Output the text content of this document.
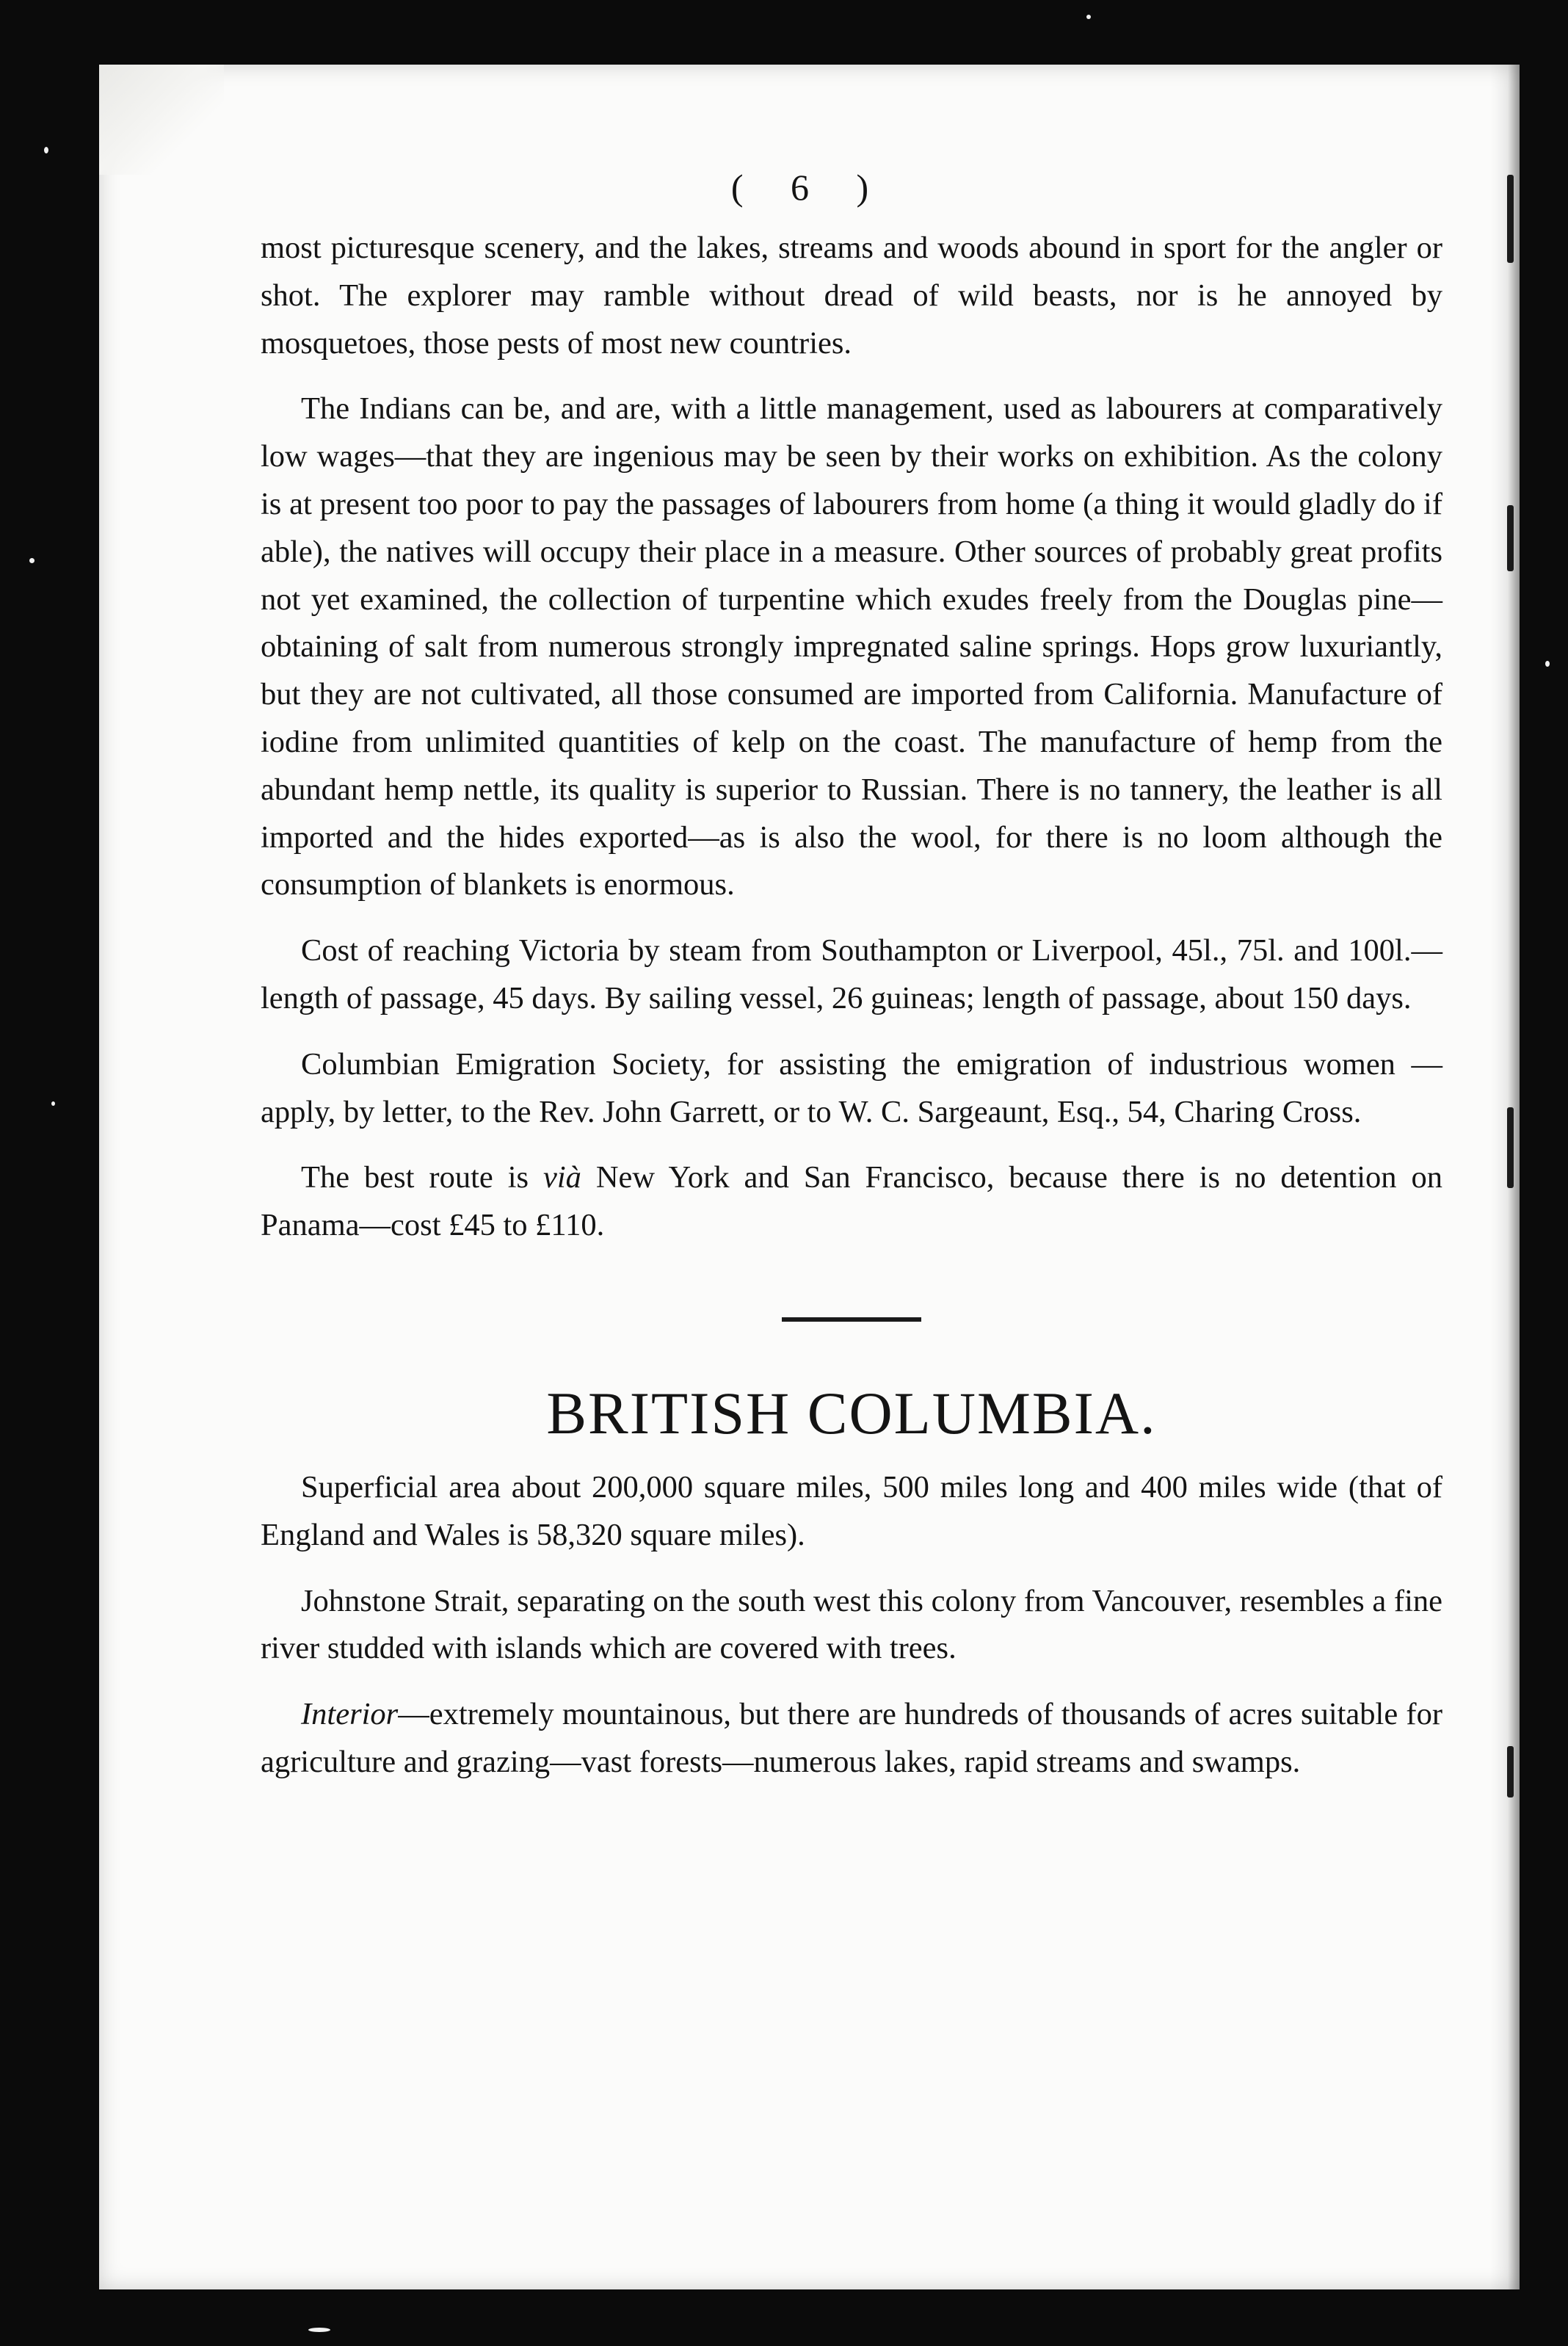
( 6 )

most picturesque scenery, and the lakes, streams and woods abound in sport for the angler or shot. The explorer may ramble without dread of wild beasts, nor is he annoyed by mosquetoes, those pests of most new countries.

The Indians can be, and are, with a little management, used as labourers at comparatively low wages—that they are ingenious may be seen by their works on exhibition. As the colony is at present too poor to pay the passages of labourers from home (a thing it would gladly do if able), the natives will occupy their place in a measure. Other sources of probably great profits not yet examined, the collection of turpentine which exudes freely from the Douglas pine—obtaining of salt from numerous strongly impregnated saline springs. Hops grow luxuriantly, but they are not cultivated, all those consumed are imported from California. Manufacture of iodine from unlimited quantities of kelp on the coast. The manufacture of hemp from the abundant hemp nettle, its quality is superior to Russian. There is no tannery, the leather is all imported and the hides exported—as is also the wool, for there is no loom although the consumption of blankets is enormous.

Cost of reaching Victoria by steam from Southampton or Liverpool, 45l., 75l. and 100l.—length of passage, 45 days. By sailing vessel, 26 guineas; length of passage, about 150 days.

Columbian Emigration Society, for assisting the emigration of industrious women — apply, by letter, to the Rev. John Garrett, or to W. C. Sargeaunt, Esq., 54, Charing Cross.

The best route is vià New York and San Francisco, because there is no detention on Panama—cost £45 to £110.

BRITISH COLUMBIA.

Superficial area about 200,000 square miles, 500 miles long and 400 miles wide (that of England and Wales is 58,320 square miles).

Johnstone Strait, separating on the south west this colony from Vancouver, resembles a fine river studded with islands which are covered with trees.

Interior—extremely mountainous, but there are hundreds of thousands of acres suitable for agriculture and grazing—vast forests—numerous lakes, rapid streams and swamps.
